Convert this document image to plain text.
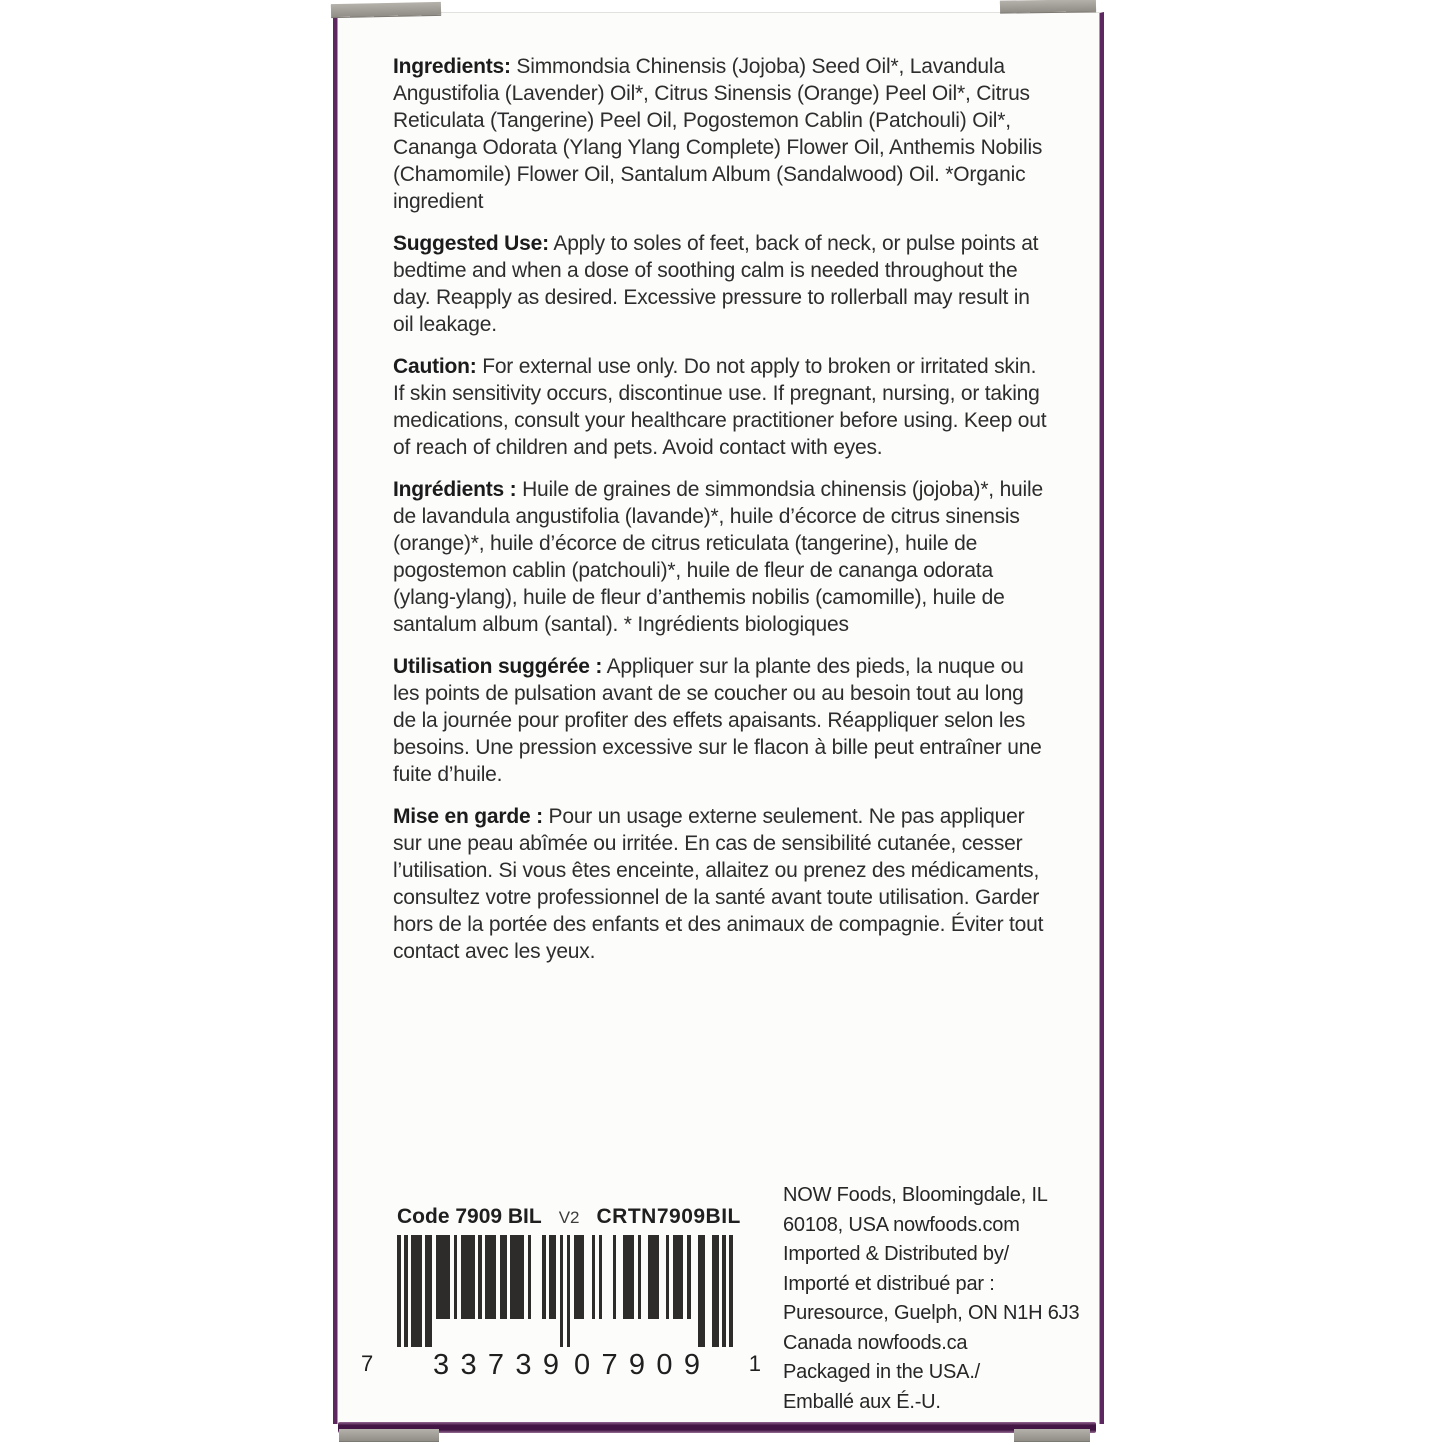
Ingredients: Simmondsia Chinensis (Jojoba) Seed Oil*, Lavandula Angustifolia (Lavender) Oil*, Citrus Sinensis (Orange) Peel Oil*, Citrus Reticulata (Tangerine) Peel Oil, Pogostemon Cablin (Patchouli) Oil*, Cananga Odorata (Ylang Ylang Complete) Flower Oil, Anthemis Nobilis (Chamomile) Flower Oil, Santalum Album (Sandalwood) Oil. *Organic ingredient

Suggested Use: Apply to soles of feet, back of neck, or pulse points at bedtime and when a dose of soothing calm is needed throughout the day. Reapply as desired. Excessive pressure to rollerball may result in oil leakage.

Caution: For external use only. Do not apply to broken or irritated skin. If skin sensitivity occurs, discontinue use. If pregnant, nursing, or taking medications, consult your healthcare practitioner before using. Keep out of reach of children and pets. Avoid contact with eyes.

Ingrédients : Huile de graines de simmondsia chinensis (jojoba)*, huile de lavandula angustifolia (lavande)*, huile d’écorce de citrus sinensis (orange)*, huile d’écorce de citrus reticulata (tangerine), huile de pogostemon cablin (patchouli)*, huile de fleur de cananga odorata (ylang-ylang), huile de fleur d’anthemis nobilis (camomille), huile de santalum album (santal). * Ingrédients biologiques

Utilisation suggérée : Appliquer sur la plante des pieds, la nuque ou les points de pulsation avant de se coucher ou au besoin tout au long de la journée pour profiter des effets apaisants. Réappliquer selon les besoins. Une pression excessive sur le flacon à bille peut entraîner une fuite d’huile.

Mise en garde : Pour un usage externe seulement. Ne pas appliquer sur une peau abîmée ou irritée. En cas de sensibilité cutanée, cesser l’utilisation. Si vous êtes enceinte, allaitez ou prenez des médicaments, consultez votre professionnel de la santé avant toute utilisation. Garder hors de la portée des enfants et des animaux de compagnie. Éviter tout contact avec les yeux.

Code 7909 BIL V2 CRTN7909BIL
7 3 3 7 3 9 0 7 9 0 9 1
NOW Foods, Bloomingdale, IL
60108, USA nowfoods.com
Imported & Distributed by/
Importé et distribué par :
Puresource, Guelph, ON N1H 6J3
Canada nowfoods.ca
Packaged in the USA./
Emballé aux É.-U.
